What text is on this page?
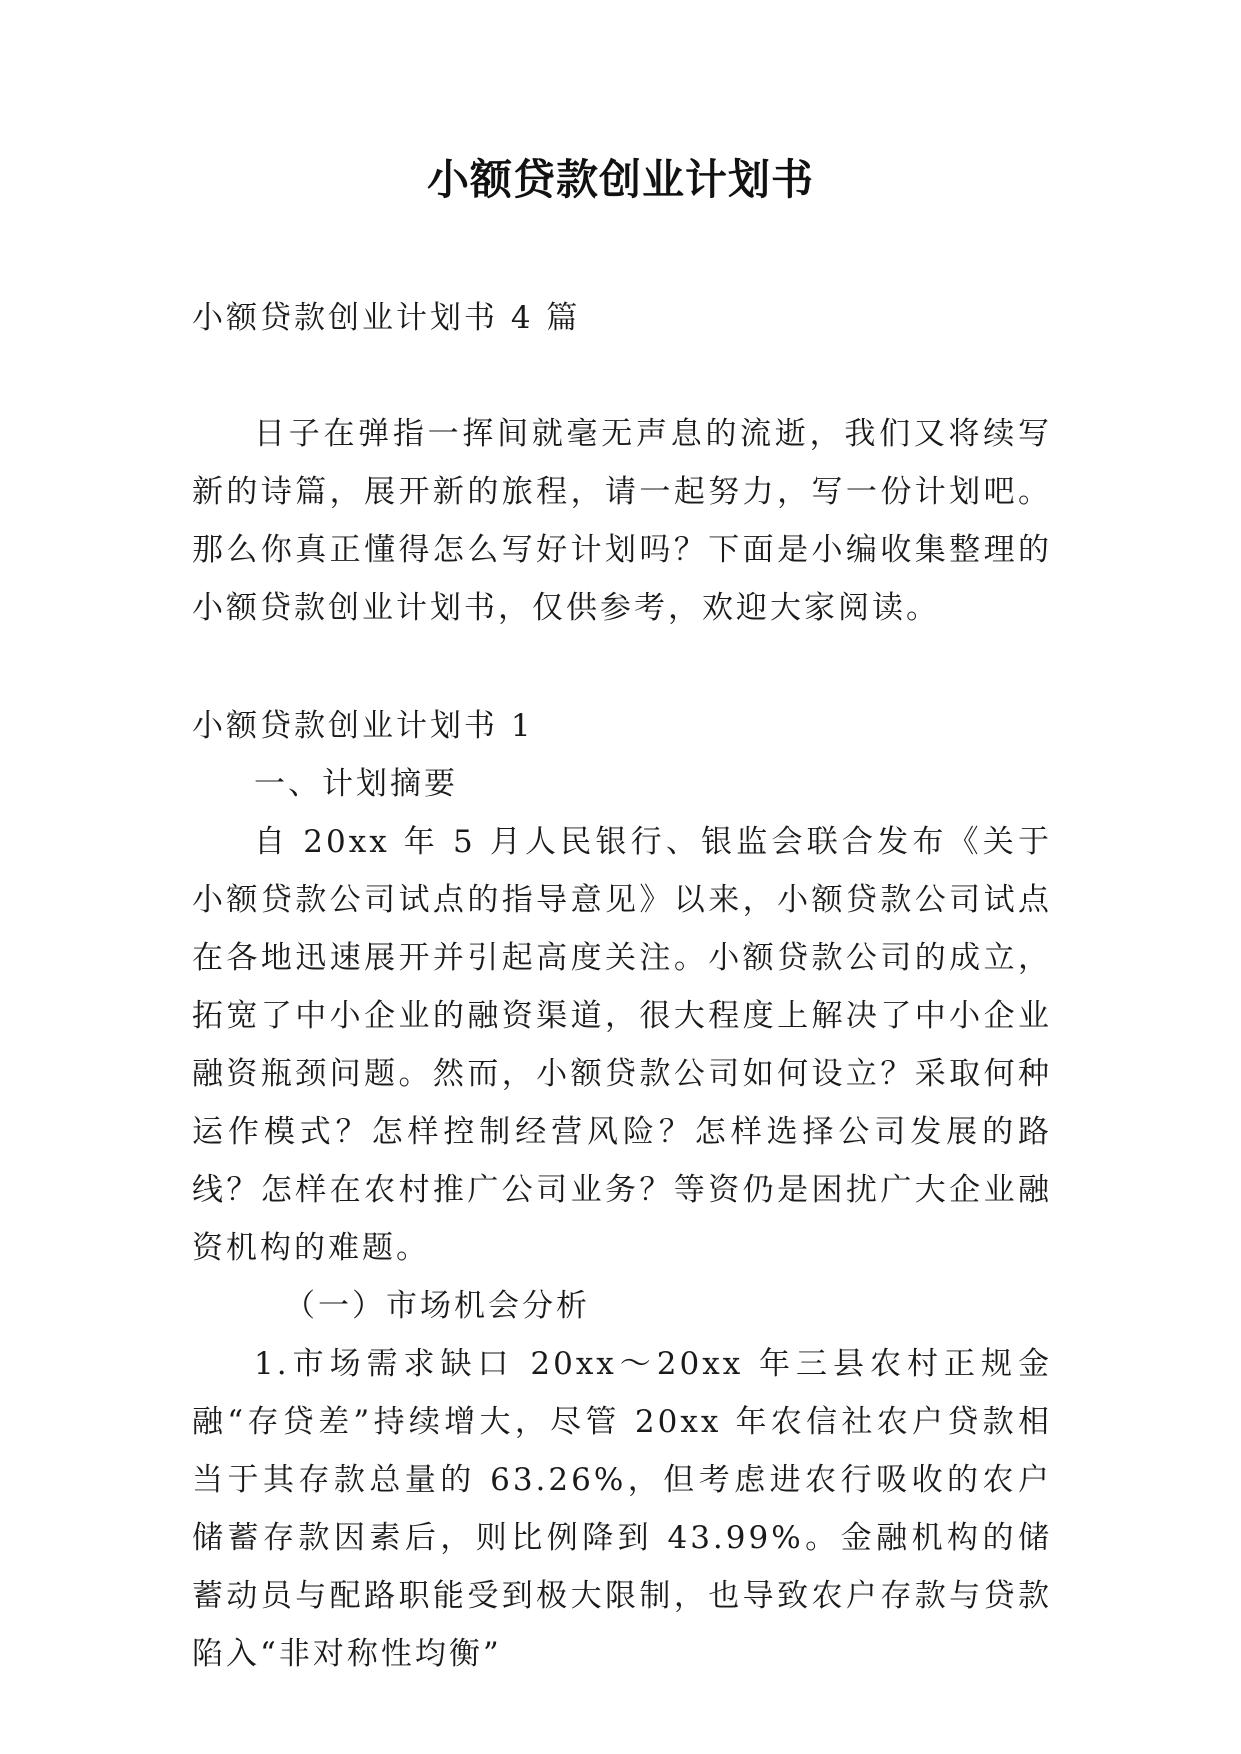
小额贷款创业计划书

小额贷款创业计划书 4 篇

日子在弹指一挥间就毫无声息的流逝，我们又将续写新的诗篇，展开新的旅程，请一起努力，写一份计划吧。那么你真正懂得怎么写好计划吗？下面是小编收集整理的小额贷款创业计划书，仅供参考，欢迎大家阅读。

小额贷款创业计划书 1

一、计划摘要

自 20xx 年 5 月人民银行、银监会联合发布《关于小额贷款公司试点的指导意见》以来，小额贷款公司试点在各地迅速展开并引起高度关注。小额贷款公司的成立，拓宽了中小企业的融资渠道，很大程度上解决了中小企业融资瓶颈问题。然而，小额贷款公司如何设立？采取何种运作模式？怎样控制经营风险？怎样选择公司发展的路线？怎样在农村推广公司业务？等资仍是困扰广大企业融资机构的难题。

（一）市场机会分析

1.市场需求缺口 20xx～20xx 年三县农村正规金融“存贷差”持续增大，尽管 20xx 年农信社农户贷款相当于其存款总量的 63.26%，但考虑进农行吸收的农户储蓄存款因素后，则比例降到 43.99%。金融机构的储蓄动员与配路职能受到极大限制，也导致农户存款与贷款陷入“非对称性均衡”
